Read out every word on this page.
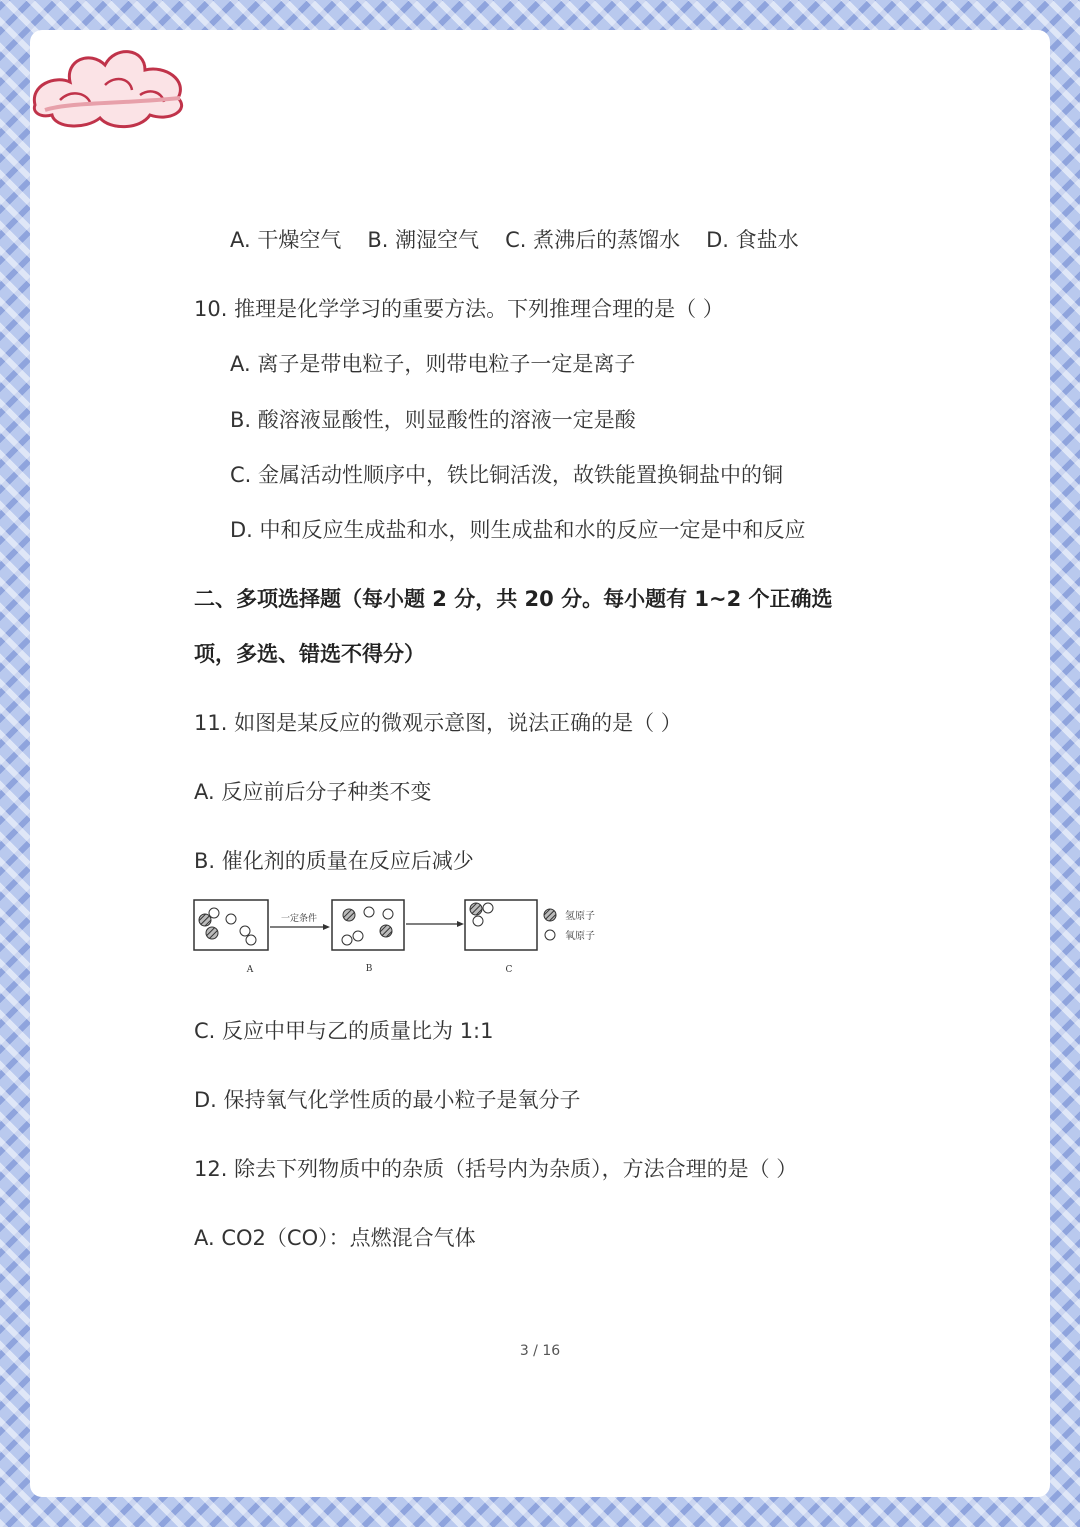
A. 干燥空气 B. 潮湿空气 C. 煮沸后的蒸馏水 D. 食盐水

10. 推理是化学学习的重要方法。下列推理合理的是（ ）

A. 离子是带电粒子，则带电粒子一定是离子

B. 酸溶液显酸性，则显酸性的溶液一定是酸

C. 金属活动性顺序中，铁比铜活泼，故铁能置换铜盐中的铜

D. 中和反应生成盐和水，则生成盐和水的反应一定是中和反应

二、多项选择题（每小题 2 分，共 20 分。每小题有 1~2 个正确选

项，多选、错选不得分）

11. 如图是某反应的微观示意图，说法正确的是（ ）

A. 反应前后分子种类不变

B. 催化剂的质量在反应后减少

一定条件	氢原子
氧原子
A	B	C

C. 反应中甲与乙的质量比为 1:1

D. 保持氧气化学性质的最小粒子是氧分子

12. 除去下列物质中的杂质（括号内为杂质），方法合理的是（ ）

A. CO2（CO）：点燃混合气体

3 / 16
